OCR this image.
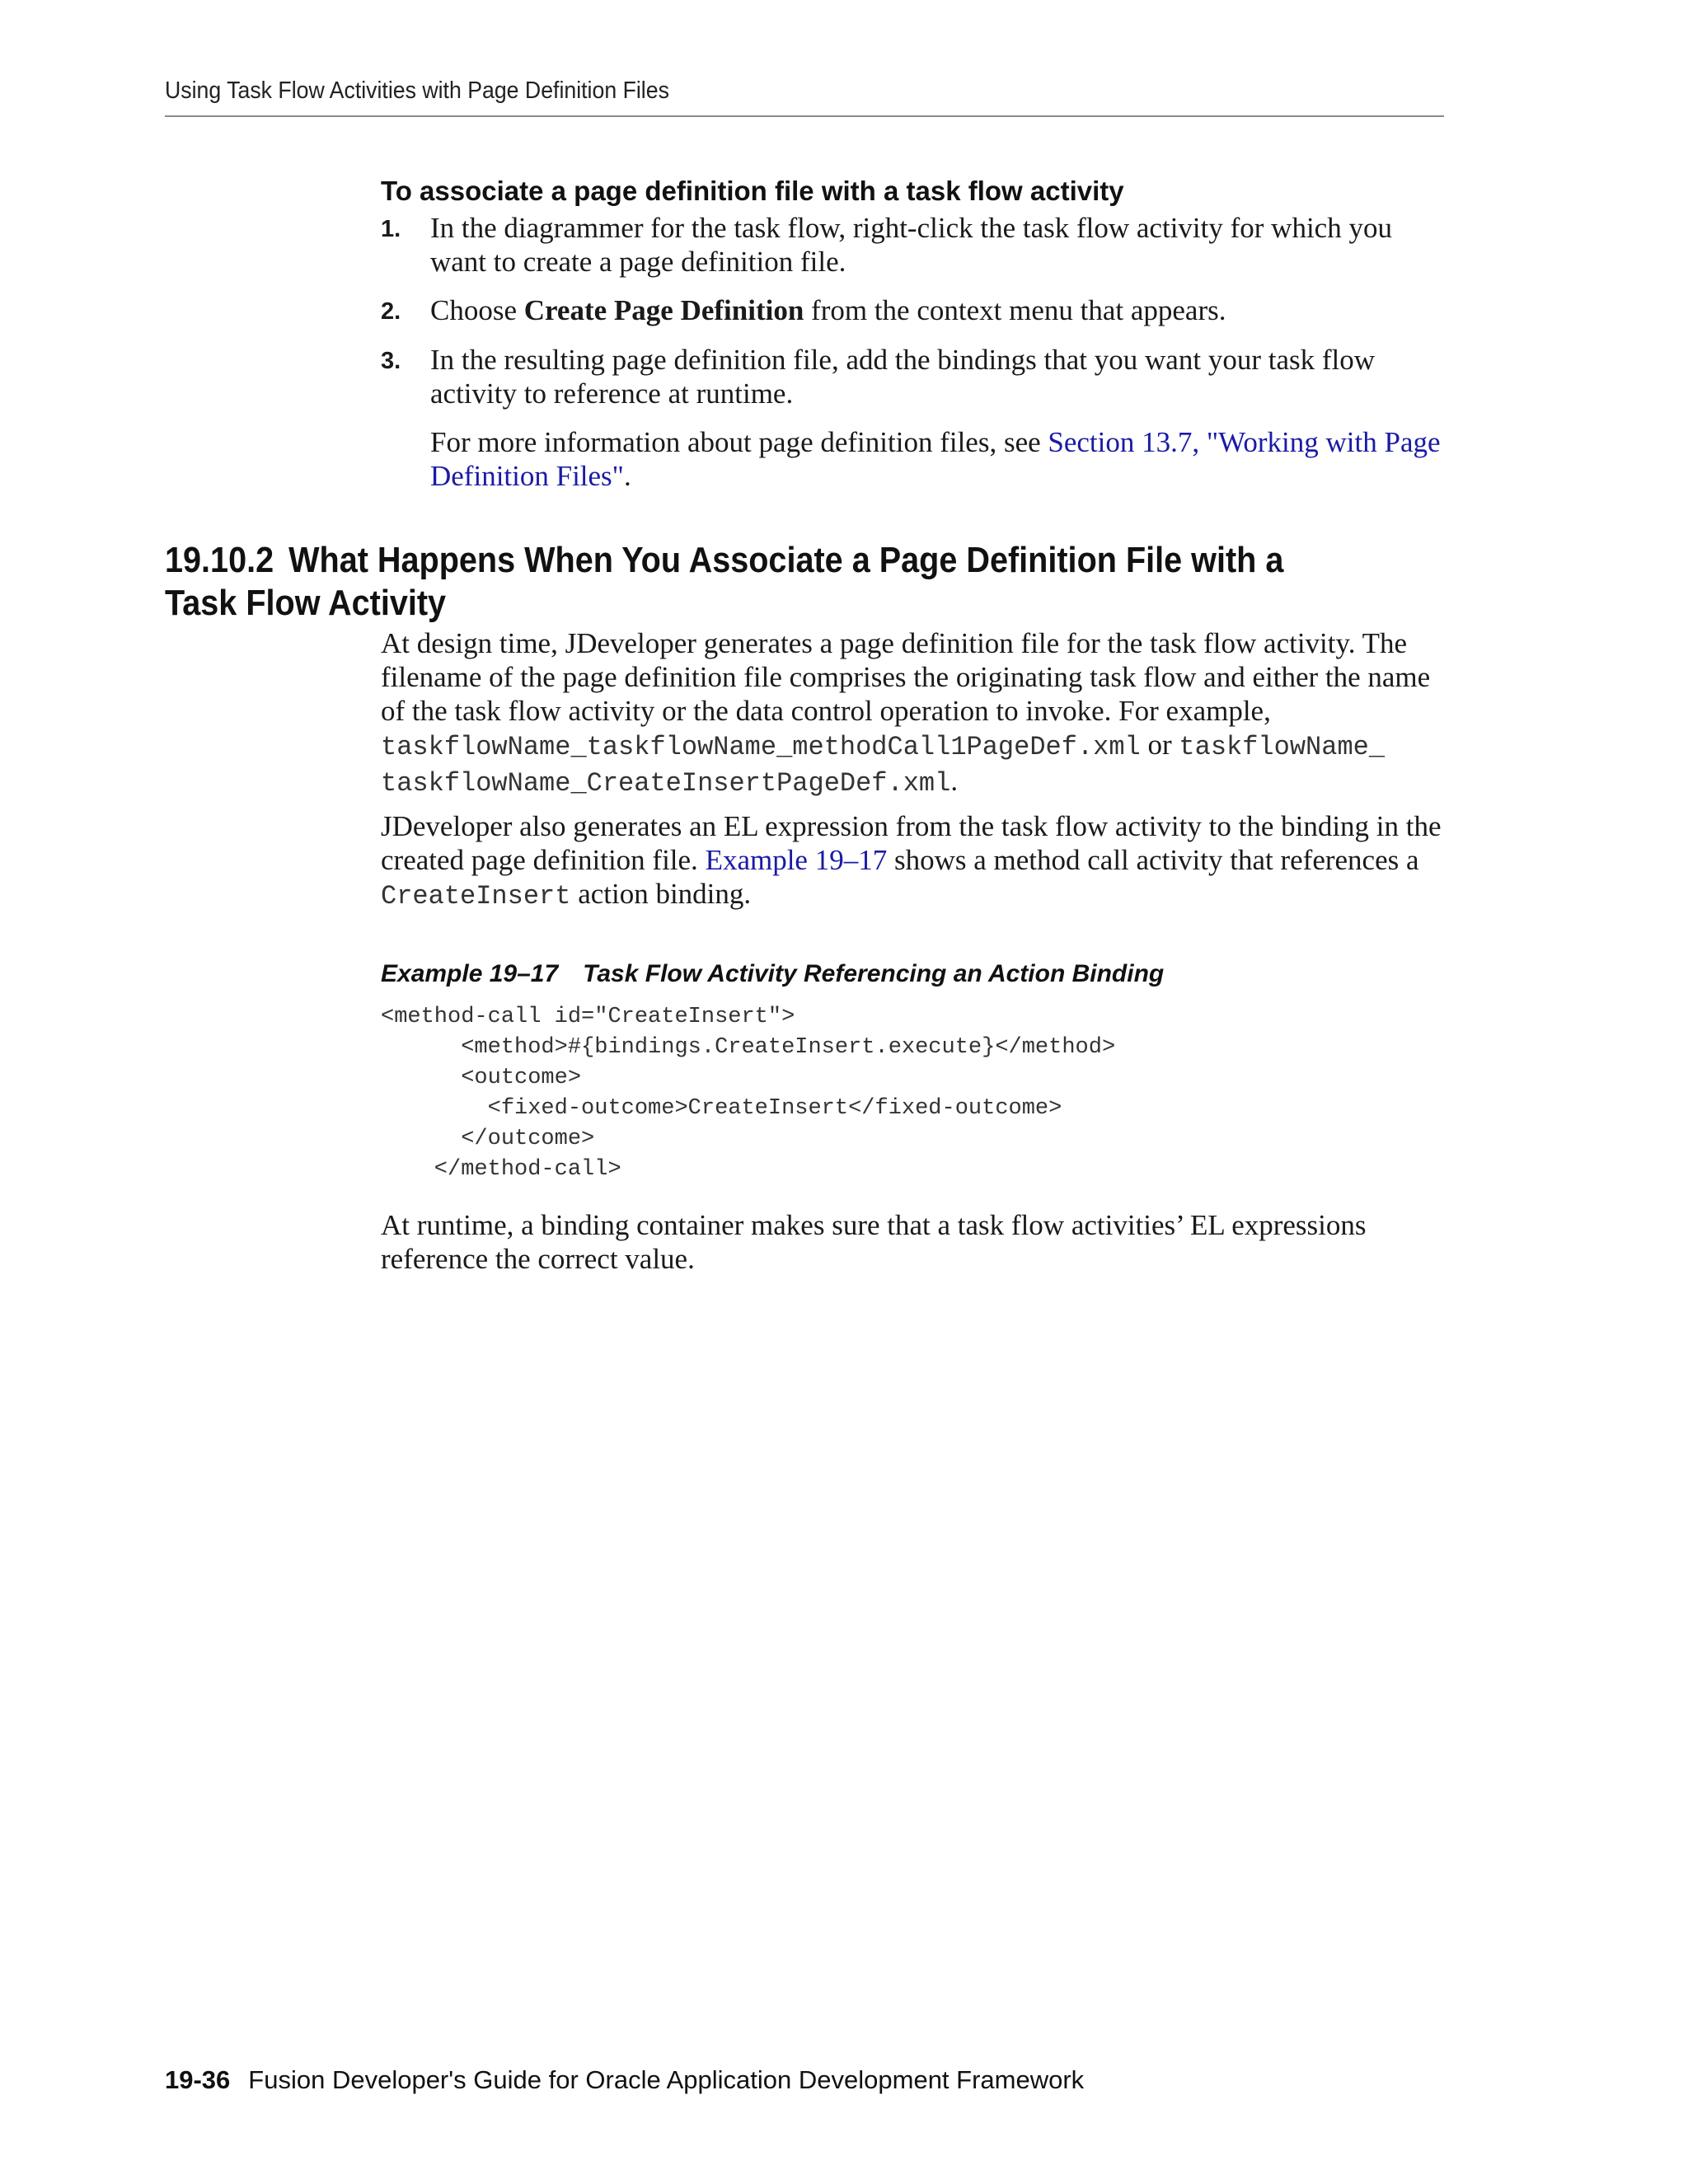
Using Task Flow Activities with Page Definition Files
To associate a page definition file with a task flow activity
1. In the diagrammer for the task flow, right-click the task flow activity for which you want to create a page definition file.
2. Choose Create Page Definition from the context menu that appears.
3. In the resulting page definition file, add the bindings that you want your task flow activity to reference at runtime.
For more information about page definition files, see Section 13.7, "Working with Page Definition Files".
19.10.2 What Happens When You Associate a Page Definition File with a Task Flow Activity
At design time, JDeveloper generates a page definition file for the task flow activity. The filename of the page definition file comprises the originating task flow and either the name of the task flow activity or the data control operation to invoke. For example, taskflowName_taskflowName_methodCall1PageDef.xml or taskflowName_ taskflowName_CreateInsertPageDef.xml.
JDeveloper also generates an EL expression from the task flow activity to the binding in the created page definition file. Example 19–17 shows a method call activity that references a CreateInsert action binding.
Example 19–17 Task Flow Activity Referencing an Action Binding
<method-call id="CreateInsert">
<method>#{bindings.CreateInsert.execute}</method>
<outcome>
<fixed-outcome>CreateInsert</fixed-outcome>
</outcome>
</method-call>
At runtime, a binding container makes sure that a task flow activities’ EL expressions reference the correct value.
19-36 Fusion Developer's Guide for Oracle Application Development Framework
